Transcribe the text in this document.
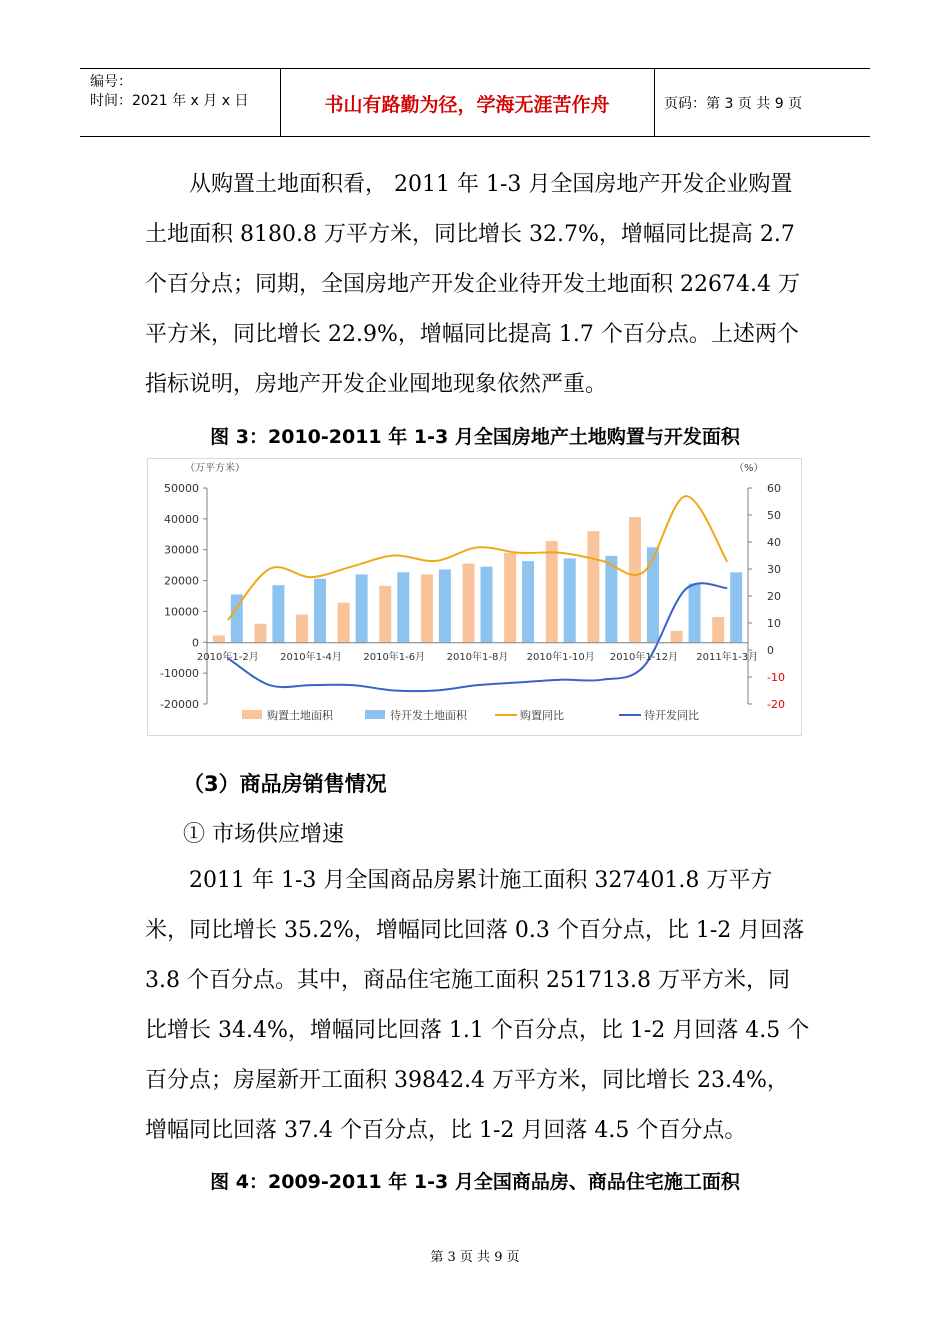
编号：
时间：2021 年 x 月 x 日	书山有路勤为径，学海无涯苦作舟	页码：第 3 页 共 9 页

从购置土地面积看， 2011 年 1-3 月全国房地产开发企业购置土地面积 8180.8 万平方米，同比增长 32.7%，增幅同比提高 2.7 个百分点；同期，全国房地产开发企业待开发土地面积 22674.4 万平方米，同比增长 22.9%，增幅同比提高 1.7 个百分点。上述两个指标说明，房地产开发企业囤地现象依然严重。

图 3：2010-2011 年 1-3 月全国房地产土地购置与开发面积
50000
40000
30000
20000
10000
0
-10000
-20000
60
50
40
30
20
10
0
-10
-20
（万平方米）	（%）
2010年1-2月 2010年1-4月 2010年1-6月 2010年1-8月 2010年1-10月 2010年1-12月 2011年1-3月
购置土地面积	待开发土地面积	购置同比	待开发同比
（3）商品房销售情况
① 市场供应增速

2011 年 1-3 月全国商品房累计施工面积 327401.8 万平方米，同比增长 35.2%，增幅同比回落 0.3 个百分点，比 1-2 月回落 3.8 个百分点。其中，商品住宅施工面积 251713.8 万平方米，同比增长 34.4%，增幅同比回落 1.1 个百分点，比 1-2 月回落 4.5 个百分点；房屋新开工面积 39842.4 万平方米，同比增长 23.4%，增幅同比回落 37.4 个百分点，比 1-2 月回落 4.5 个百分点。

图 4：2009-2011 年 1-3 月全国商品房、商品住宅施工面积
第 3 页 共 9 页
